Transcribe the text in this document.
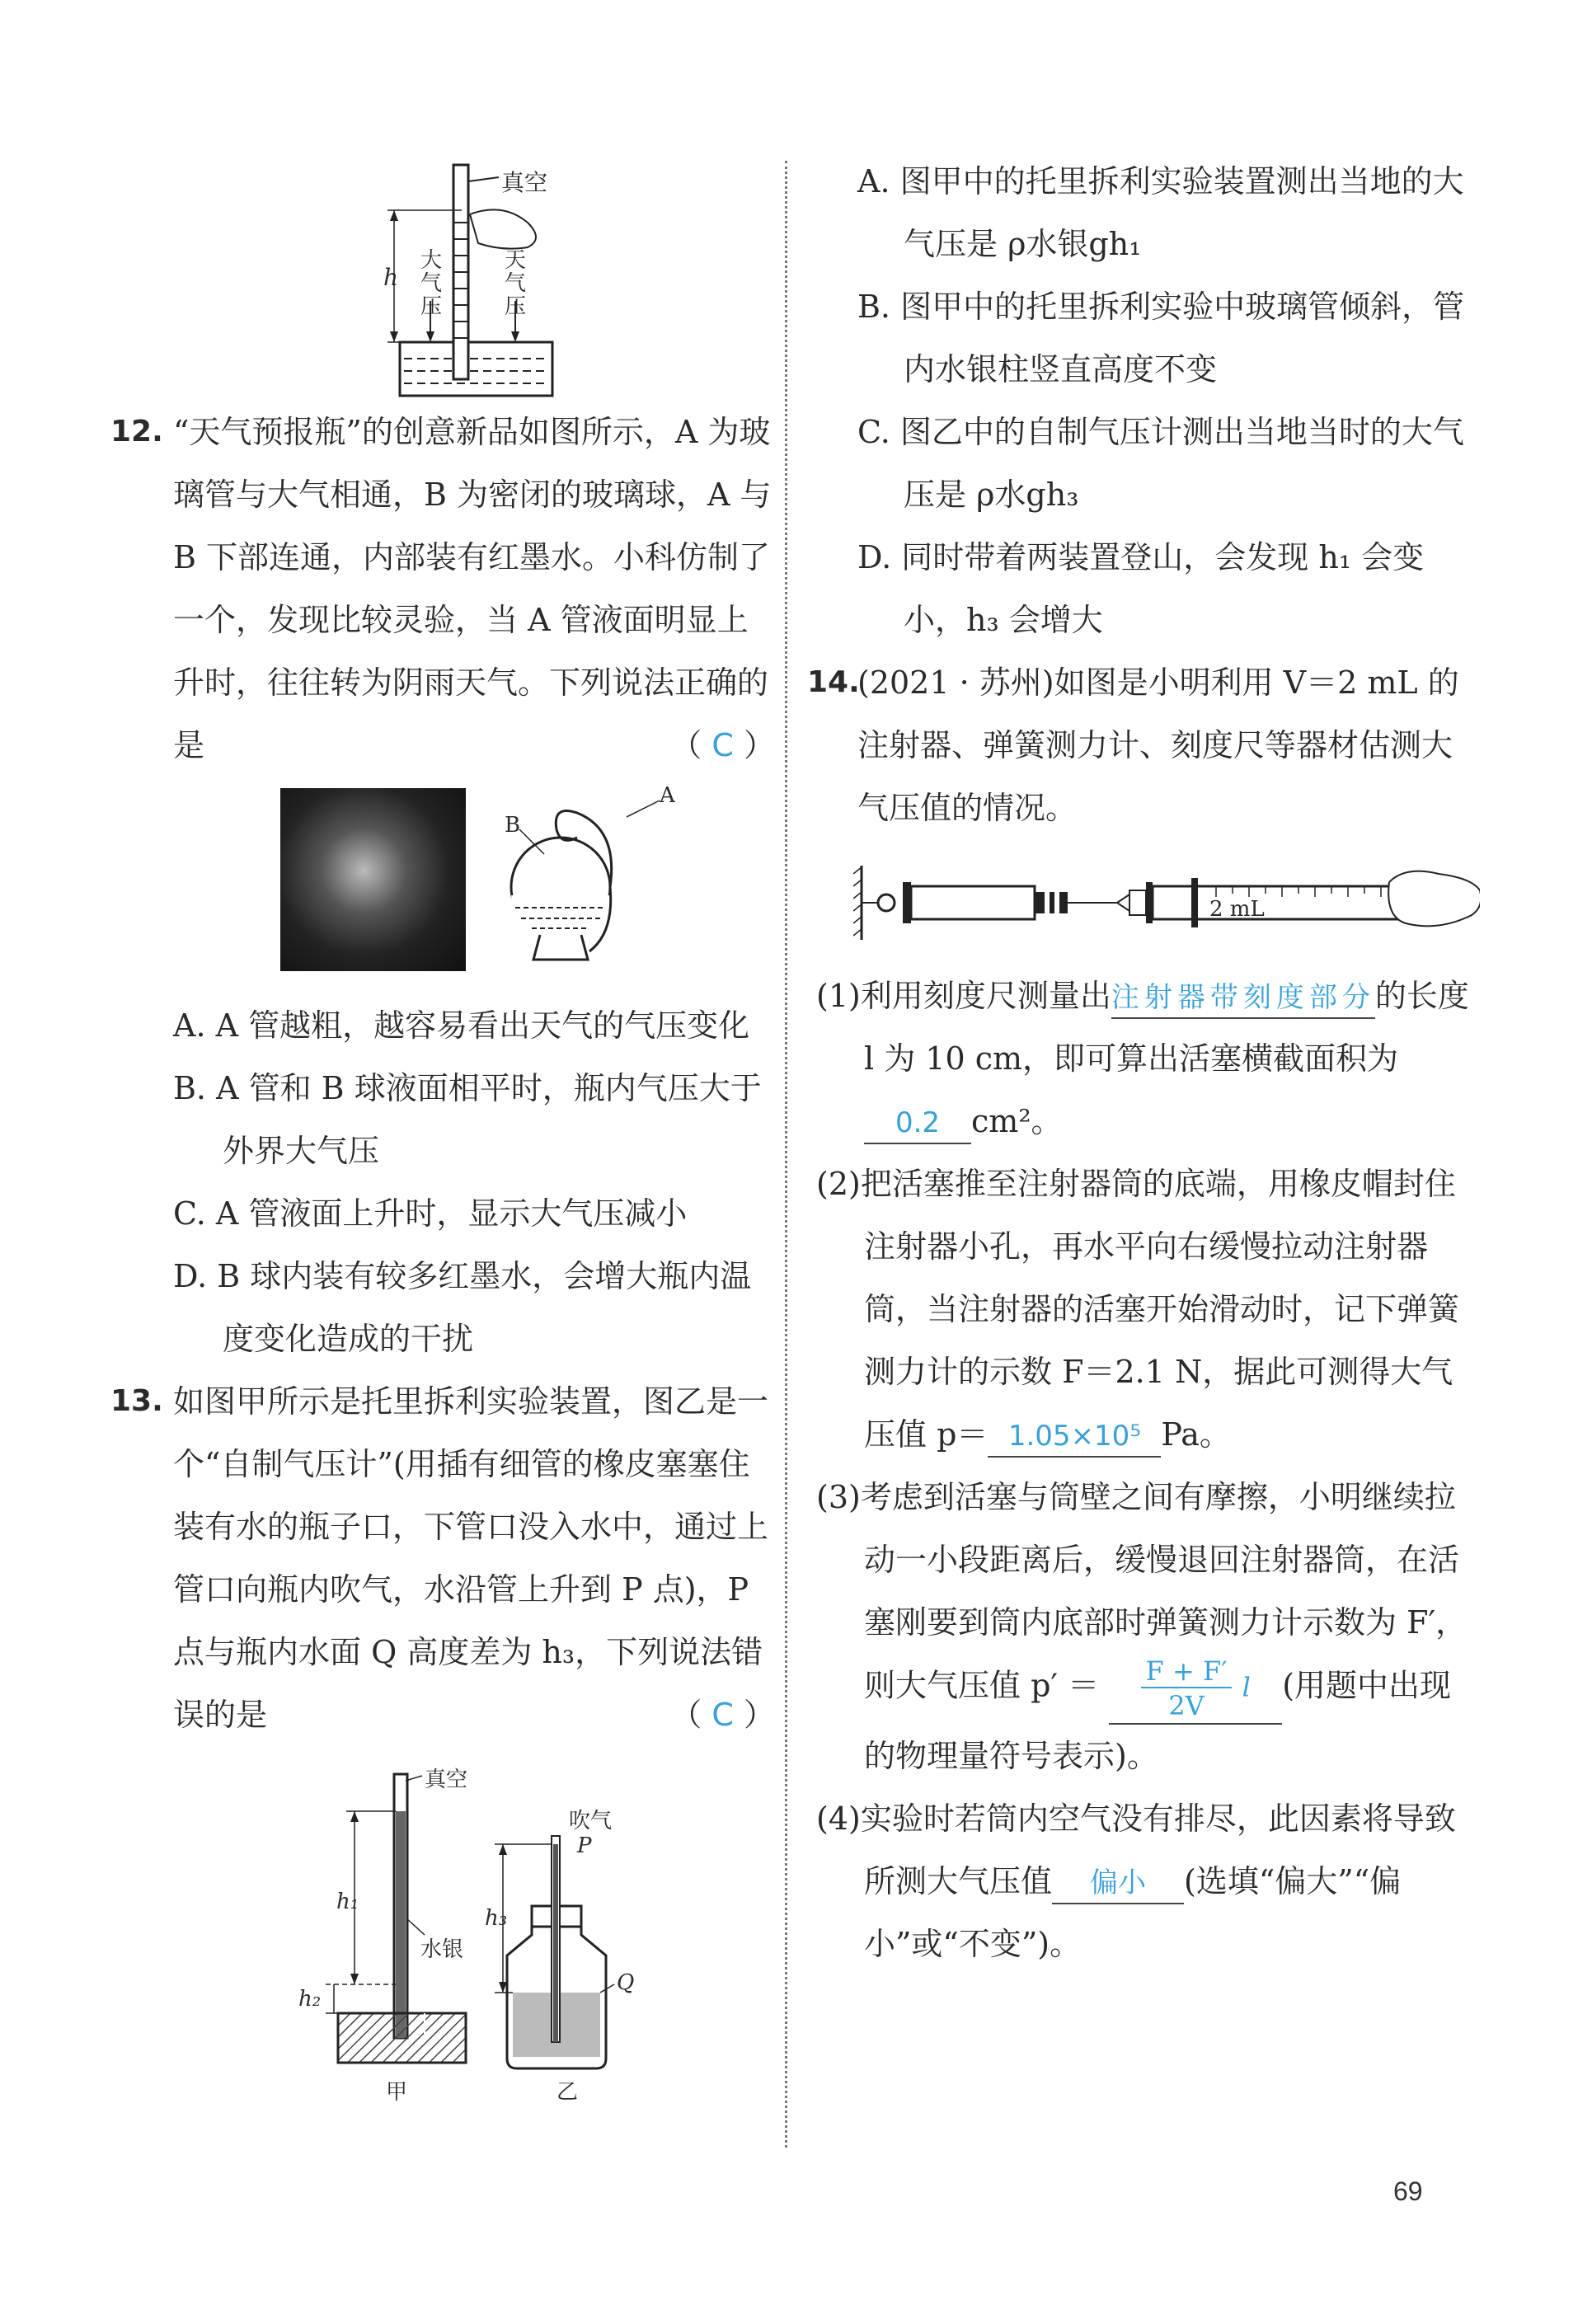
真空
h
大
气
压
天
气
压
12. “天气预报瓶”的创意新品如图所示，A 为玻璃管与大气相通，B 为密闭的玻璃球，A 与 B 下部连通，内部装有红墨水。小科仿制了一个，发现比较灵验，当 A 管液面明显上升时，往往转为阴雨天气。下列说法正确的是	（ C ）
A
B
A. A 管越粗，越容易看出天气的气压变化
B. A 管和 B 球液面相平时，瓶内气压大于外界大气压
C. A 管液面上升时，显示大气压减小
D. B 球内装有较多红墨水，会增大瓶内温度变化造成的干扰
13. 如图甲所示是托里拆利实验装置，图乙是一个“自制气压计”(用插有细管的橡皮塞塞住装有水的瓶子口，下管口没入水中，通过上管口向瓶内吹气，水沿管上升到 P 点)，P 点与瓶内水面 Q 高度差为 h₃，下列说法错误的是	（ C ）
真空
h₁
h₂
水银
甲
吹气
P
h₃
Q
乙
A. 图甲中的托里拆利实验装置测出当地的大气压是 ρ水银gh₁
B. 图甲中的托里拆利实验中玻璃管倾斜，管内水银柱竖直高度不变
C. 图乙中的自制气压计测出当地当时的大气压是 ρ水gh₃
D. 同时带着两装置登山，会发现 h₁ 会变小，h₃ 会增大
14.
(2021 · 苏州)如图是小明利用 V＝2 mL 的注射器、弹簧测力计、刻度尺等器材估测大气压值的情况。
2 mL
(1)利用刻度尺测量出注射器带刻度部分的长度 l 为 10 cm，即可算出活塞横截面积为0.2 cm²。
(2)把活塞推至注射器筒的底端，用橡皮帽封住注射器小孔，再水平向右缓慢拉动注射器筒，当注射器的活塞开始滑动时，记下弹簧测力计的示数 F＝2.1 N，据此可测得大气压值 p＝ 1.05×10⁵ Pa。
(3)考虑到活塞与筒壁之间有摩擦，小明继续拉动一小段距离后，缓慢退回注射器筒，在活塞刚要到筒内底部时弹簧测力计示数为 F′，则大气压值 $p' = \frac{F + F'}{2V}$ l (用题中出现的物理量符号表示)。
(4)实验时若筒内空气没有排尽，此因素将导致所测大气压值 偏小 (选填“偏大”“偏小”或“不变”)。
69
